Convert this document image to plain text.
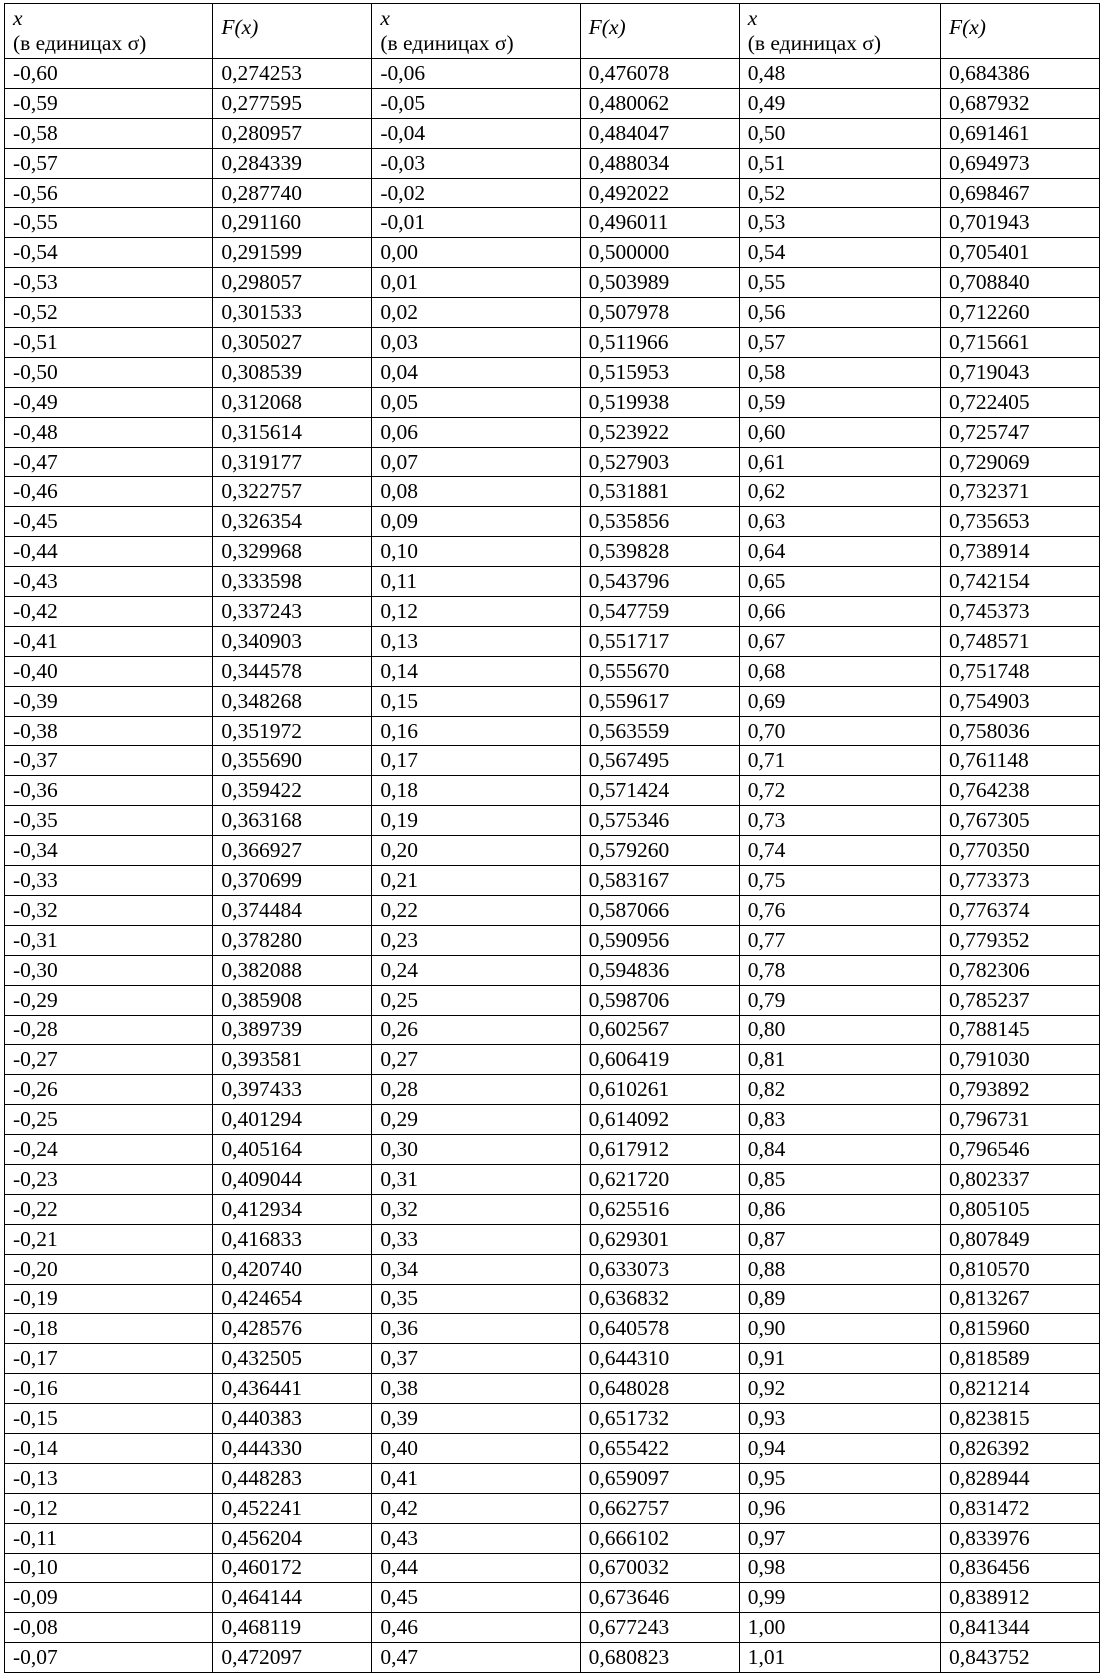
x
(в единицах σ)	F(x)	x
(в единицах σ)	F(x)	x
(в единицах σ)	F(x)
-0,60	0,274253	-0,06	0,476078	0,48	0,684386
-0,59	0,277595	-0,05	0,480062	0,49	0,687932
-0,58	0,280957	-0,04	0,484047	0,50	0,691461
-0,57	0,284339	-0,03	0,488034	0,51	0,694973
-0,56	0,287740	-0,02	0,492022	0,52	0,698467
-0,55	0,291160	-0,01	0,496011	0,53	0,701943
-0,54	0,291599	0,00	0,500000	0,54	0,705401
-0,53	0,298057	0,01	0,503989	0,55	0,708840
-0,52	0,301533	0,02	0,507978	0,56	0,712260
-0,51	0,305027	0,03	0,511966	0,57	0,715661
-0,50	0,308539	0,04	0,515953	0,58	0,719043
-0,49	0,312068	0,05	0,519938	0,59	0,722405
-0,48	0,315614	0,06	0,523922	0,60	0,725747
-0,47	0,319177	0,07	0,527903	0,61	0,729069
-0,46	0,322757	0,08	0,531881	0,62	0,732371
-0,45	0,326354	0,09	0,535856	0,63	0,735653
-0,44	0,329968	0,10	0,539828	0,64	0,738914
-0,43	0,333598	0,11	0,543796	0,65	0,742154
-0,42	0,337243	0,12	0,547759	0,66	0,745373
-0,41	0,340903	0,13	0,551717	0,67	0,748571
-0,40	0,344578	0,14	0,555670	0,68	0,751748
-0,39	0,348268	0,15	0,559617	0,69	0,754903
-0,38	0,351972	0,16	0,563559	0,70	0,758036
-0,37	0,355690	0,17	0,567495	0,71	0,761148
-0,36	0,359422	0,18	0,571424	0,72	0,764238
-0,35	0,363168	0,19	0,575346	0,73	0,767305
-0,34	0,366927	0,20	0,579260	0,74	0,770350
-0,33	0,370699	0,21	0,583167	0,75	0,773373
-0,32	0,374484	0,22	0,587066	0,76	0,776374
-0,31	0,378280	0,23	0,590956	0,77	0,779352
-0,30	0,382088	0,24	0,594836	0,78	0,782306
-0,29	0,385908	0,25	0,598706	0,79	0,785237
-0,28	0,389739	0,26	0,602567	0,80	0,788145
-0,27	0,393581	0,27	0,606419	0,81	0,791030
-0,26	0,397433	0,28	0,610261	0,82	0,793892
-0,25	0,401294	0,29	0,614092	0,83	0,796731
-0,24	0,405164	0,30	0,617912	0,84	0,796546
-0,23	0,409044	0,31	0,621720	0,85	0,802337
-0,22	0,412934	0,32	0,625516	0,86	0,805105
-0,21	0,416833	0,33	0,629301	0,87	0,807849
-0,20	0,420740	0,34	0,633073	0,88	0,810570
-0,19	0,424654	0,35	0,636832	0,89	0,813267
-0,18	0,428576	0,36	0,640578	0,90	0,815960
-0,17	0,432505	0,37	0,644310	0,91	0,818589
-0,16	0,436441	0,38	0,648028	0,92	0,821214
-0,15	0,440383	0,39	0,651732	0,93	0,823815
-0,14	0,444330	0,40	0,655422	0,94	0,826392
-0,13	0,448283	0,41	0,659097	0,95	0,828944
-0,12	0,452241	0,42	0,662757	0,96	0,831472
-0,11	0,456204	0,43	0,666102	0,97	0,833976
-0,10	0,460172	0,44	0,670032	0,98	0,836456
-0,09	0,464144	0,45	0,673646	0,99	0,838912
-0,08	0,468119	0,46	0,677243	1,00	0,841344
-0,07	0,472097	0,47	0,680823	1,01	0,843752
